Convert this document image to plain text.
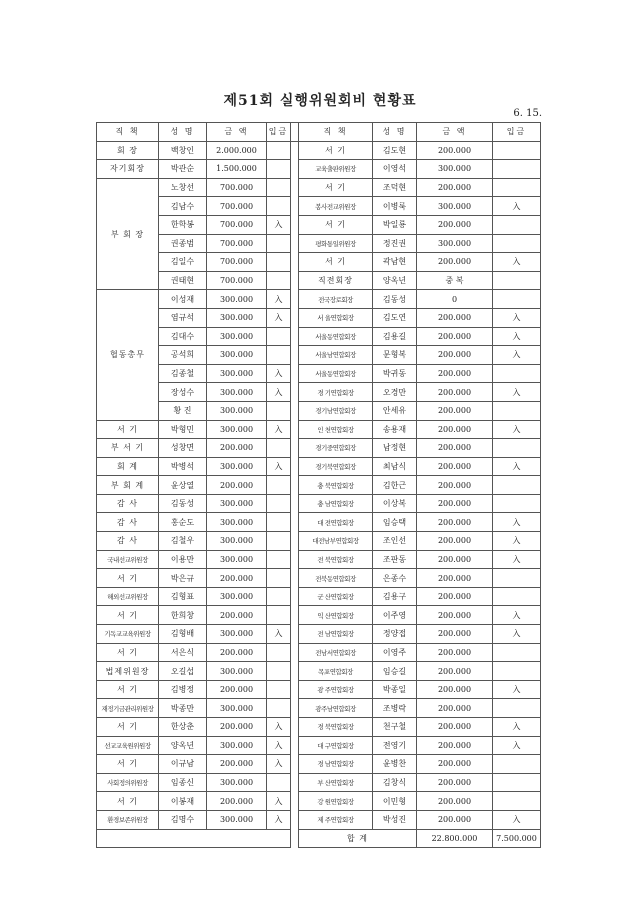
제51회 실행위원회비 현황표
6. 15.
직 책	성 명	금 액	입금		직 책	성 명	금 액	입금
회 장	백창인	2.000.000			서 기	김도현	200.000	
자기회장	박관순	1.500.000			교육출판위원장	이영석	300.000	
부 회 장	노창선	700.000			서 기	조덕현	200.000	
	김남수	700.000			봉사전교위원장	이병룩	300.000	入
	한학봉	700.000	入		서 기	박일룡	200.000	
	권종범	700.000			평화통일위원장	정진권	300.000	
	김일수	700.000			서 기	곽남현	200.000	入
	권태현	700.000			직전회장	양옥년	중 복	
협동총무	이성재	300.000	入		전국장로회장	김동성	0	
	염규석	300.000	入		서 울연합회장	김도연	200.000	入
	김대수	300.000			서울동연합회장	김용길	200.000	入
	공석희	300.000			서울남연합회장	문형복	200.000	入
	김종철	300.000	入		서울동연합회장	박귀동	200.000	
	장성수	300.000	入		경 기연합회장	오경만	200.000	入
	황 진	300.000			경기남연합회장	안세유	200.000	
서 기	박형민	300.000	入		인 천연합회장	송용재	200.000	入
부 서 기	성창면	200.000			경기중연합회장	남정현	200.000	
회 계	박병석	300.000	入		경기북연합회장	최남식	200.000	入
부 회 계	윤상열	200.000			충 북연합회장	김한근	200.000	
감 사	김동성	300.000			충 남연합회장	이상복	200.000	
감 사	홍순도	300.000			대 전연합회장	임승택	200.000	入
감 사	김철우	300.000			대전남부연합회장	조인선	200.000	入
국내선교위원장	이용만	300.000			전 북연합회장	조판동	200.000	入
서 기	박은규	200.000			전북동연합회장	은종수	200.000	
해외선교위원장	김형표	300.000			군 산연합회장	김용구	200.000	
서 기	한희창	200.000			익 산연합회장	이주영	200.000	入
기독교교육위원장	김형배	300.000	入		전 남연합회장	정양접	200.000	入
서 기	서은식	200.000			전남서연합회장	이영주	200.000	
법제위원장	오길섭	300.000			목포연합회장	임승길	200.000	
서 기	김병정	200.000			광 주연합회장	박종일	200.000	入
재정기금관리위원장	박종만	300.000			광주남연합회장	조병락	200.000	
서 기	한상춘	200.000	入		경 북연합회장	천구철	200.000	入
선교교육원위원장	양옥년	300.000	入		대 구연합회장	전영기	200.000	入
서 기	이규남	200.000	入		경 남연합회장	윤병찬	200.000	
사회정의위원장	임종신	300.000			부 산연합회장	김창식	200.000	
서 기	이봉재	200.000	入		강 원연합회장	이민형	200.000	
환경보존위원장	김명수	300.000	入		제 주연합회장	박성진	200.000	入
					합 계		22.800.000	7.500.000
